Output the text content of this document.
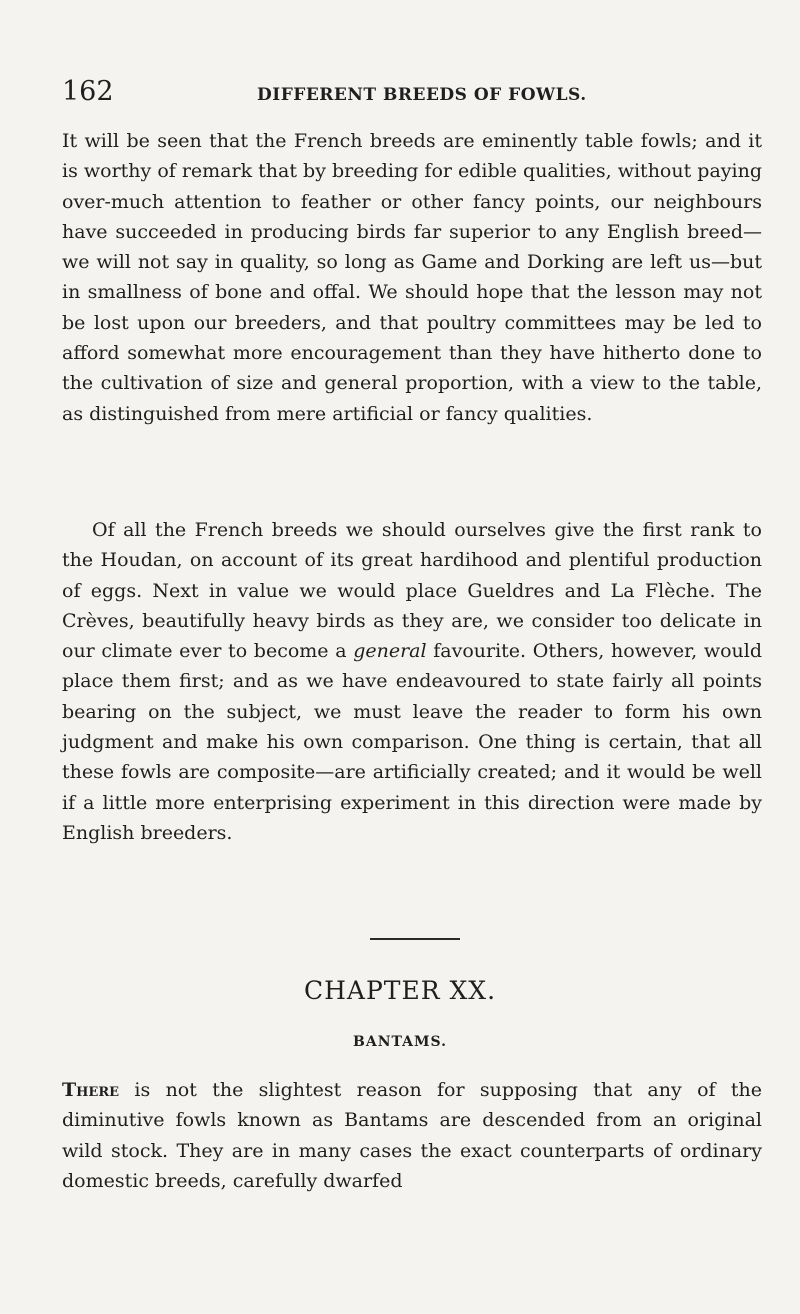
162	DIFFERENT BREEDS OF FOWLS.

It will be seen that the French breeds are eminently table fowls; and it is worthy of remark that by breeding for edible qualities, without paying over-much attention to feather or other fancy points, our neighbours have succeeded in producing birds far superior to any English breed—we will not say in quality, so long as Game and Dorking are left us—but in smallness of bone and offal. We should hope that the lesson may not be lost upon our breeders, and that poultry committees may be led to afford somewhat more encouragement than they have hitherto done to the cultivation of size and general proportion, with a view to the table, as distinguished from mere artificial or fancy qualities.

Of all the French breeds we should ourselves give the first rank to the Houdan, on account of its great hardihood and plentiful production of eggs. Next in value we would place Gueldres and La Flèche. The Crèves, beautifully heavy birds as they are, we consider too delicate in our climate ever to become a general favourite. Others, however, would place them first; and as we have endeavoured to state fairly all points bearing on the subject, we must leave the reader to form his own judgment and make his own comparison. One thing is certain, that all these fowls are composite—are artificially created; and it would be well if a little more enterprising experiment in this direction were made by English breeders.

CHAPTER XX.
BANTAMS.

There is not the slightest reason for supposing that any of the diminutive fowls known as Bantams are descended from an original wild stock. They are in many cases the exact counterparts of ordinary domestic breeds, carefully dwarfed
